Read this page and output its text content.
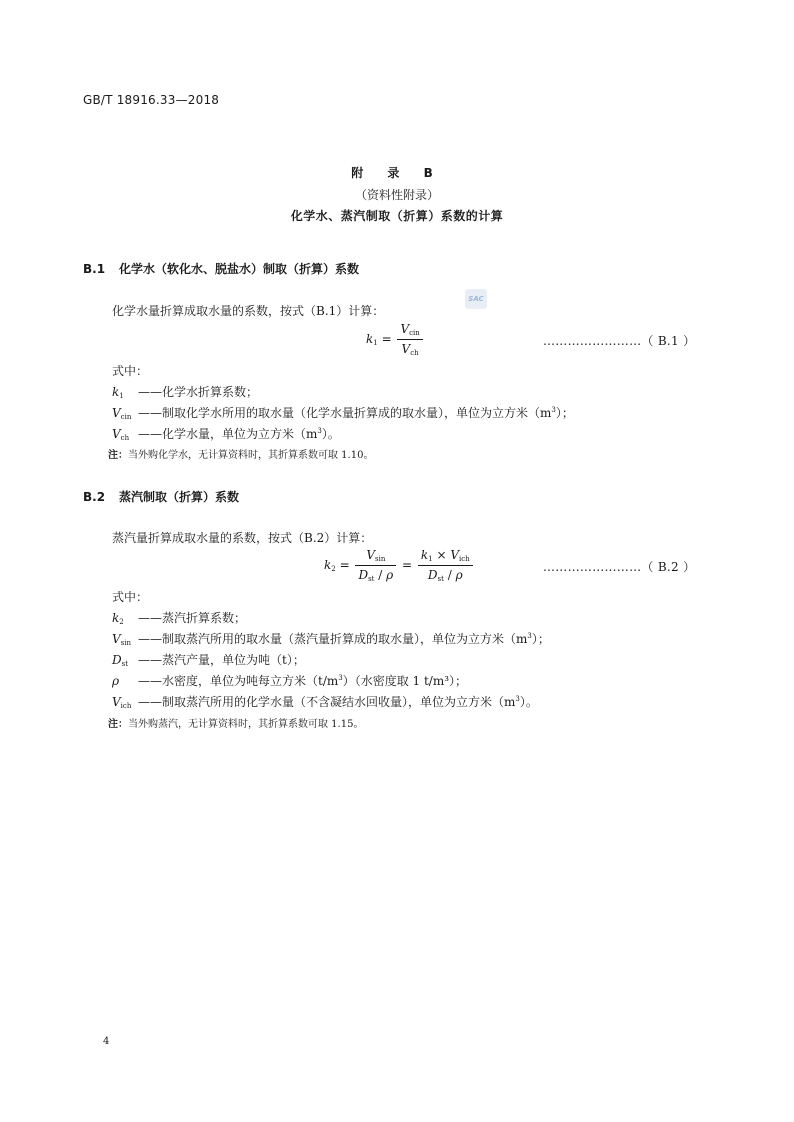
GB/T 18916.33—2018
附 录 B
（资料性附录）
化学水、蒸汽制取（折算）系数的计算
B.1 化学水（软化水、脱盐水）制取（折算）系数
化学水量折算成取水量的系数，按式（B.1）计算：
SAC
$k_1 = \frac{V_{cin}}{V_{ch}}$	……………………（ B.1 ）
式中：
$k_1$ ——化学水折算系数；
$V_{cin}$ ——制取化学水所用的取水量（化学水量折算成的取水量），单位为立方米$(m^3)$；
$V_{ch}$ ——化学水量，单位为立方米$(m^3)$。
注：当外购化学水，无计算资料时，其折算系数可取 1.10。
B.2 蒸汽制取（折算）系数
蒸汽量折算成取水量的系数，按式（B.2）计算：
$k_2 = \frac{V_{sin}}{D_{st} / \rho} = \frac{k_1 \times V_{ich}}{D_{st} / \rho}$	……………………（ B.2 ）
式中：
$k_2$ ——蒸汽折算系数；
$V_{sin}$ ——制取蒸汽所用的取水量（蒸汽量折算成的取水量），单位为立方米$(m^3)$；
$D_{st}$ ——蒸汽产量，单位为吨（t）；
ρ ——水密度，单位为吨每立方米$(t/m^3)$（水密度取 1 t/m³）；
$V_{ich}$ ——制取蒸汽所用的化学水量（不含凝结水回收量），单位为立方米$(m^3)$。
注：当外购蒸汽，无计算资料时，其折算系数可取 1.15。
4
